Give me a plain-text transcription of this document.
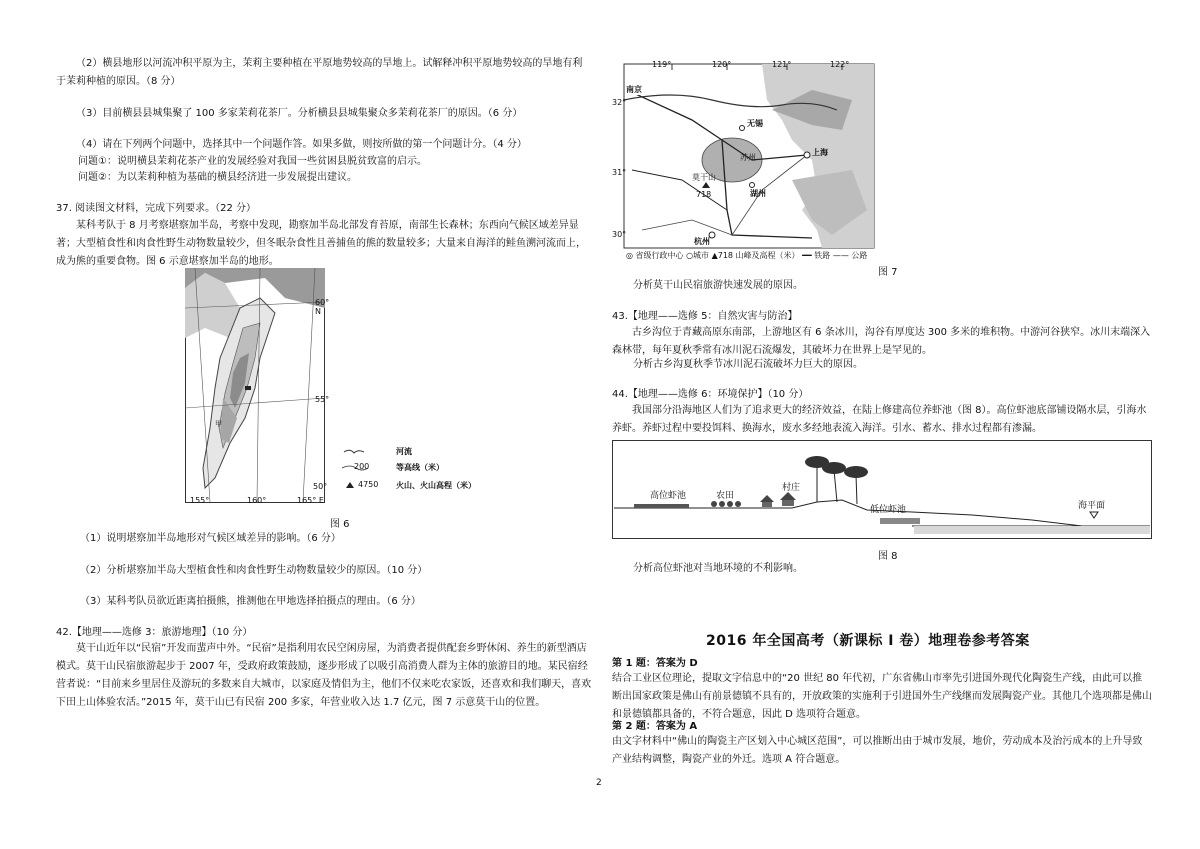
（2）横县地形以河流冲积平原为主，茉莉主要种植在平原地势较高的旱地上。试解释冲积平原地势较高的旱地有利于茉莉种植的原因。（8 分）

（3）目前横县县城集聚了 100 多家茉莉花茶厂。分析横县县城集聚众多茉莉花茶厂的原因。（6 分）

（4）请在下列两个问题中，选择其中一个问题作答。如果多做，则按所做的第一个问题计分。（4 分）

问题①：说明横县茉莉花茶产业的发展经验对我国一些贫困县脱贫致富的启示。

问题②：为以茉莉种植为基础的横县经济进一步发展提出建议。

37. 阅读图文材料，完成下列要求。（22 分）

某科考队于 8 月考察堪察加半岛，考察中发现，勘察加半岛北部发育苔原，南部生长森林；东西向气候区域差异显著；大型植食性和肉食性野生动物数量较少，但冬眠杂食性且善捕鱼的熊的数量较多；大量来自海洋的鲑鱼溯河流而上，成为熊的重要食物。图 6 示意堪察加半岛的地形。

甲
60° N
55°
50°
155°	160°	165° E
河流
200	等高线（米）
4750 火山、火山高程（米）
图 6

（1）说明堪察加半岛地形对气候区域差异的影响。（6 分）

（2）分析堪察加半岛大型植食性和肉食性野生动物数量较少的原因。（10 分）

（3）某科考队员欲近距离拍摄熊，推测他在甲地选择拍摄点的理由。（6 分）

42.【地理——选修 3：旅游地理】（10 分）

莫干山近年以“民宿”开发而蜚声中外。“民宿”是指利用农民空闲房屋，为消费者提供配套乡野休闲、养生的新型酒店模式。莫干山民宿旅游起步于 2007 年，受政府政策鼓励，逐步形成了以吸引高消费人群为主体的旅游目的地。某民宿经营者说：“目前来乡里居住及游玩的多数来自大城市，以家庭及情侣为主，他们不仅来吃农家饭，还喜欢和我们聊天，喜欢下田上山体验农活。”2015 年，莫干山已有民宿 200 多家，年营业收入达 1.7 亿元，图 7 示意莫干山的位置。

119°	120°	121°	122°
32°
31°
30°
南京
无锡
苏州
上海
湖州
杭州
莫干山
718
◎ 省级行政中心 ○城市 ▲718 山峰及高程（米） ━━ 铁路 —— 公路
图 7

分析莫干山民宿旅游快速发展的原因。

43.【地理——选修 5：自然灾害与防治】

古乡沟位于青藏高原东南部，上游地区有 6 条冰川，沟谷有厚度达 300 多米的堆积物。中游河谷狭窄。冰川末端深入森林带，每年夏秋季常有冰川泥石流爆发，其破坏力在世界上是罕见的。

分析古乡沟夏秋季节冰川泥石流破坏力巨大的原因。

44.【地理——选修 6：环境保护】（10 分）

我国部分沿海地区人们为了追求更大的经济效益，在陆上修建高位养虾池（图 8）。高位虾池底部铺设隔水层，引海水养虾。养虾过程中要投饵料、换海水，废水多经地表流入海洋。引水、蓄水、排水过程都有渗漏。

高位虾池	农田
村庄
低位虾池	海平面
图 8

分析高位虾池对当地环境的不利影响。

2016 年全国高考（新课标 I 卷）地理卷参考答案

第 1 题：答案为 D

结合工业区位理论，提取文字信息中的“20 世纪 80 年代初，广东省佛山市率先引进国外现代化陶瓷生产线，由此可以推断出国家政策是佛山有前景德镇不具有的，开放政策的实施利于引进国外生产线继而发展陶瓷产业。其他几个选项都是佛山和景德镇都具备的，不符合题意，因此 D 选项符合题意。

第 2 题：答案为 A

由文字材料中“佛山的陶瓷主产区划入中心城区范围”，可以推断出由于城市发展，地价，劳动成本及治污成本的上升导致产业结构调整，陶瓷产业的外迁。选项 A 符合题意。

2
